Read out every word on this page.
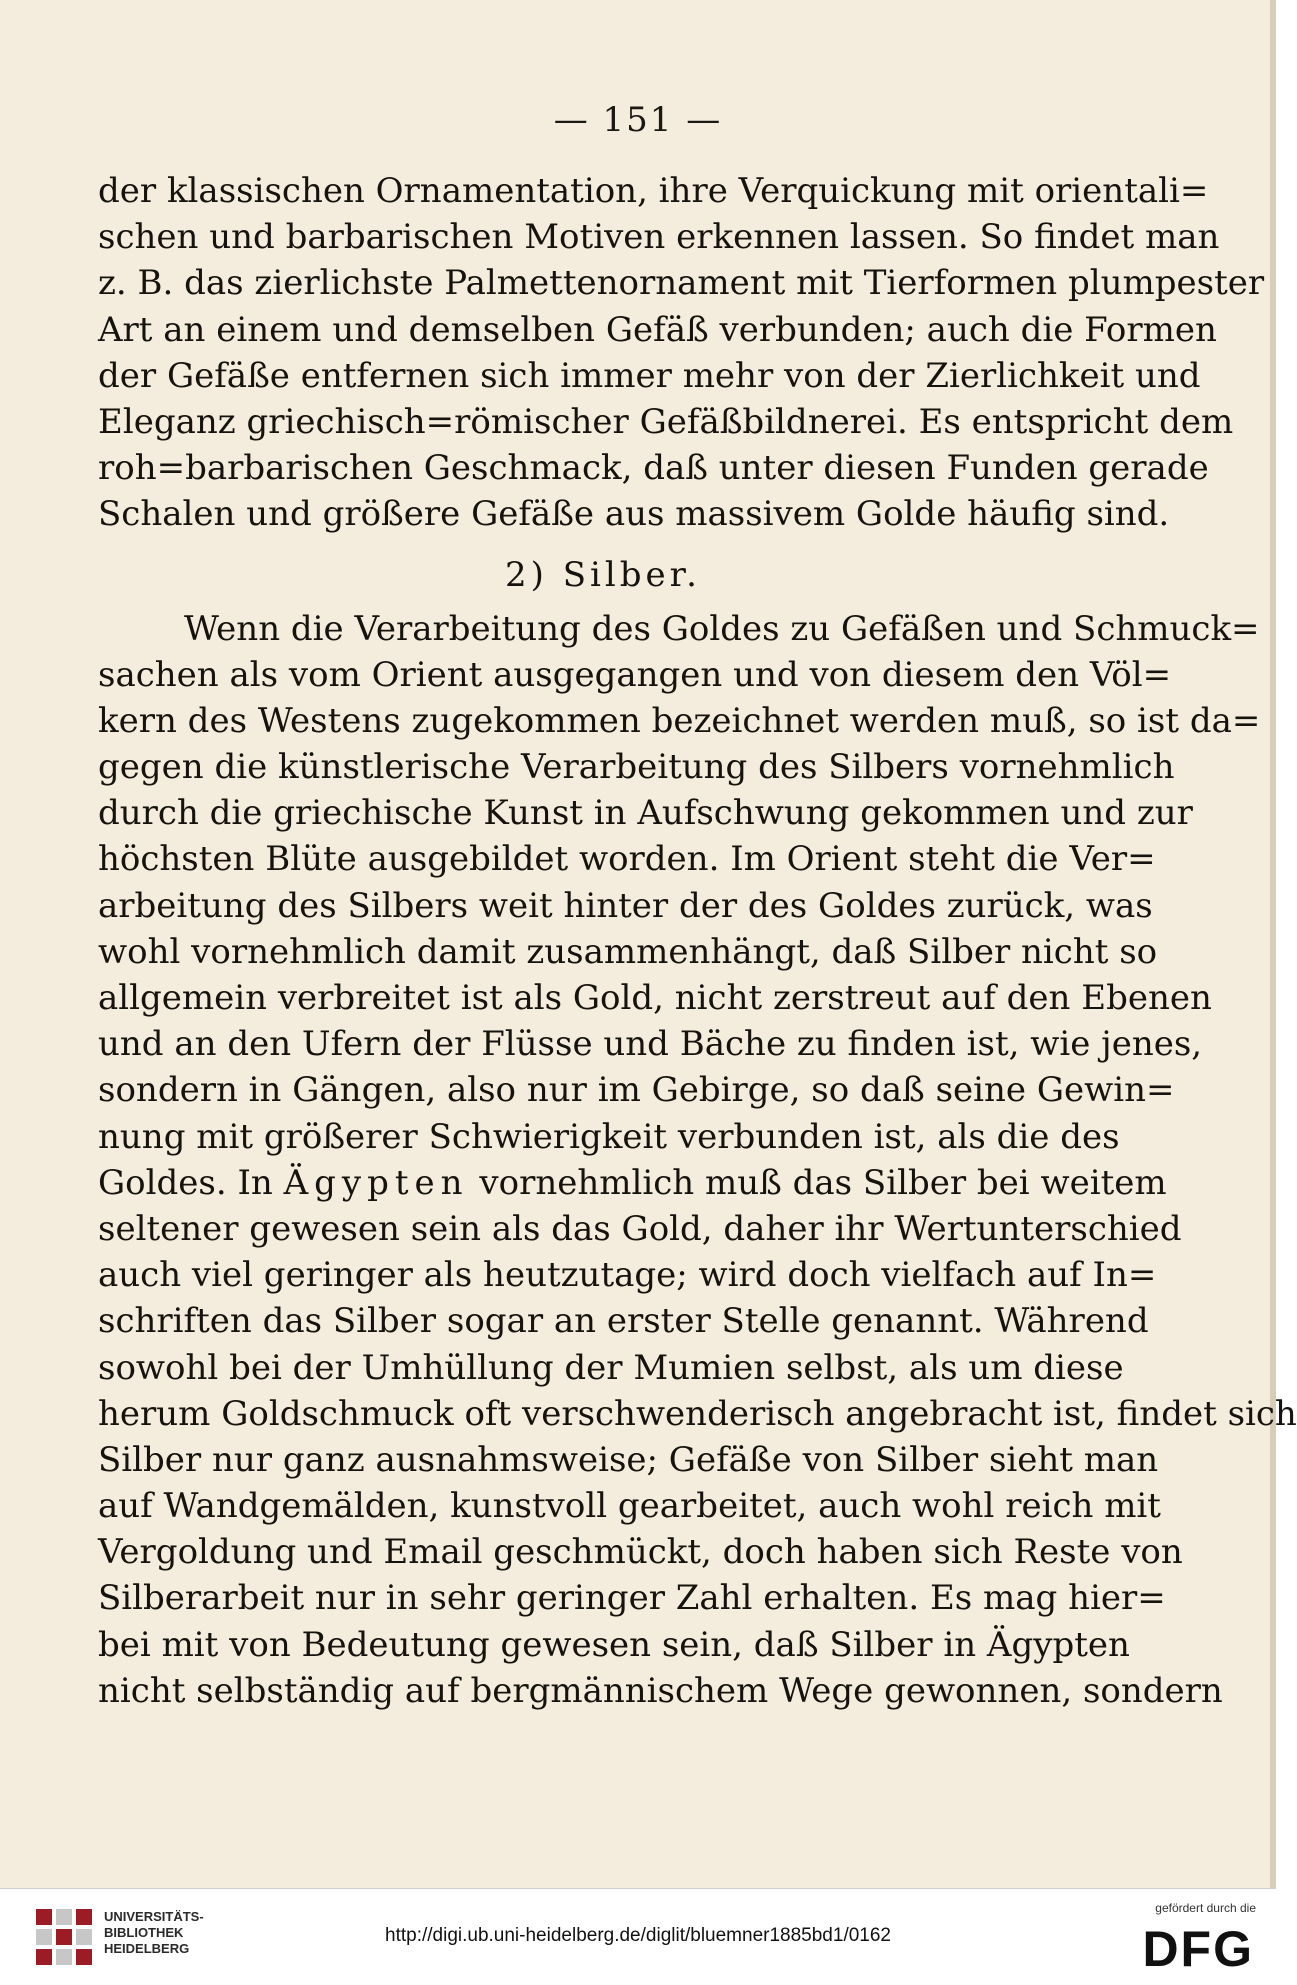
— 151 —
der klassischen Ornamentation, ihre Verquickung mit orientali=
schen und barbarischen Motiven erkennen lassen. So findet man
z. B. das zierlichste Palmettenornament mit Tierformen plumpester
Art an einem und demselben Gefäß verbunden; auch die Formen
der Gefäße entfernen sich immer mehr von der Zierlichkeit und
Eleganz griechisch=römischer Gefäßbildnerei. Es entspricht dem
roh=barbarischen Geschmack, daß unter diesen Funden gerade
Schalen und größere Gefäße aus massivem Golde häufig sind.
2) Silber.
Wenn die Verarbeitung des Goldes zu Gefäßen und Schmuck=
sachen als vom Orient ausgegangen und von diesem den Völ=
kern des Westens zugekommen bezeichnet werden muß, so ist da=
gegen die künstlerische Verarbeitung des Silbers vornehmlich
durch die griechische Kunst in Aufschwung gekommen und zur
höchsten Blüte ausgebildet worden. Im Orient steht die Ver=
arbeitung des Silbers weit hinter der des Goldes zurück, was
wohl vornehmlich damit zusammenhängt, daß Silber nicht so
allgemein verbreitet ist als Gold, nicht zerstreut auf den Ebenen
und an den Ufern der Flüsse und Bäche zu finden ist, wie jenes,
sondern in Gängen, also nur im Gebirge, so daß seine Gewin=
nung mit größerer Schwierigkeit verbunden ist, als die des
Goldes. In Ägypten vornehmlich muß das Silber bei weitem
seltener gewesen sein als das Gold, daher ihr Wertunterschied
auch viel geringer als heutzutage; wird doch vielfach auf In=
schriften das Silber sogar an erster Stelle genannt. Während
sowohl bei der Umhüllung der Mumien selbst, als um diese
herum Goldschmuck oft verschwenderisch angebracht ist, findet sich
Silber nur ganz ausnahmsweise; Gefäße von Silber sieht man
auf Wandgemälden, kunstvoll gearbeitet, auch wohl reich mit
Vergoldung und Email geschmückt, doch haben sich Reste von
Silberarbeit nur in sehr geringer Zahl erhalten. Es mag hier=
bei mit von Bedeutung gewesen sein, daß Silber in Ägypten
nicht selbständig auf bergmännischem Wege gewonnen, sondern
UNIVERSITÄTS-
BIBLIOTHEK
HEIDELBERG
http://digi.ub.uni-heidelberg.de/diglit/bluemner1885bd1/0162
gefördert durch die
DFG
